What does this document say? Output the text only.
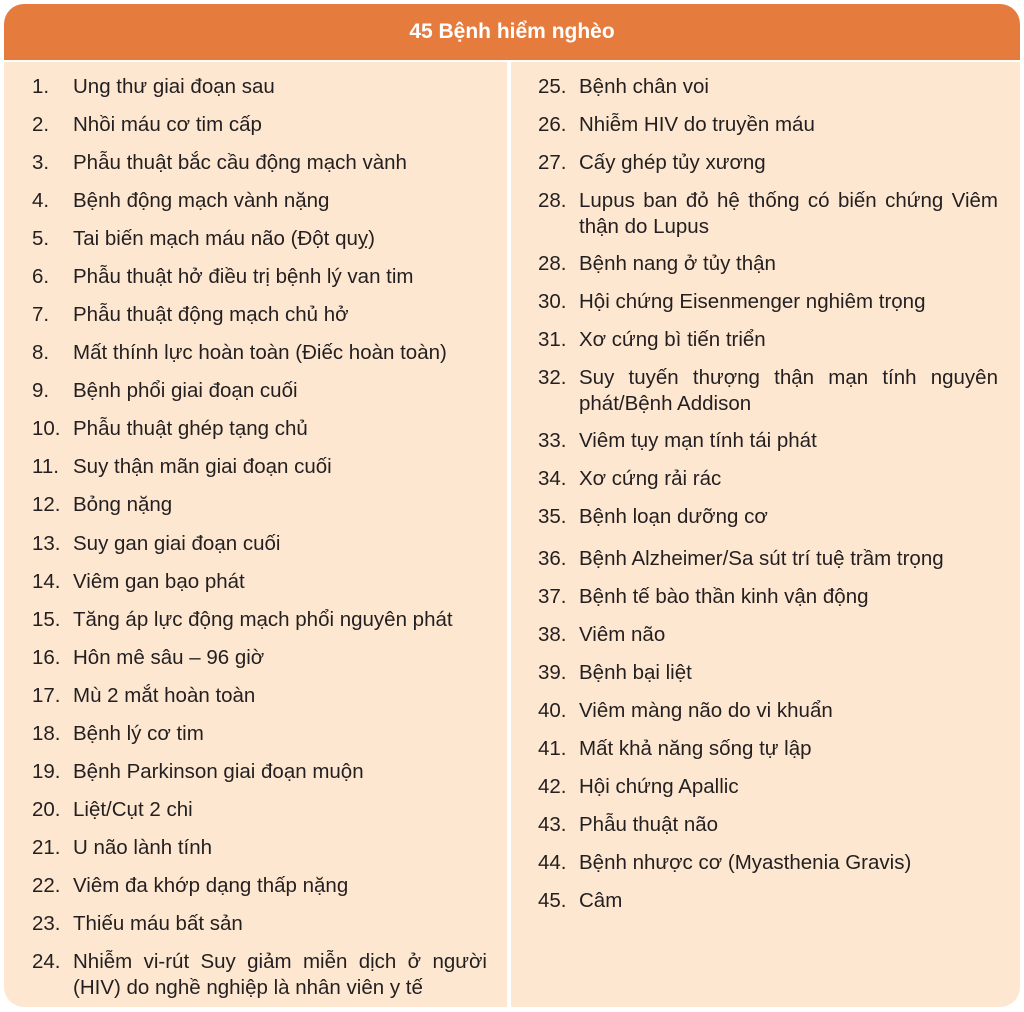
45 Bệnh hiểm nghèo
1.	Ung thư giai đoạn sau
2.	Nhồi máu cơ tim cấp
3.	Phẫu thuật bắc cầu động mạch vành
4.	Bệnh động mạch vành nặng
5.	Tai biến mạch máu não (Đột quỵ)
6.	Phẫu thuật hở điều trị bệnh lý van tim
7.	Phẫu thuật động mạch chủ hở
8.	Mất thính lực hoàn toàn (Điếc hoàn toàn)
9.	Bệnh phổi giai đoạn cuối
10. Phẫu thuật ghép tạng chủ
11. Suy thận mãn giai đoạn cuối
12. Bỏng nặng
13. Suy gan giai đoạn cuối
14. Viêm gan bạo phát
15. Tăng áp lực động mạch phổi nguyên phát
16. Hôn mê sâu – 96 giờ
17. Mù 2 mắt hoàn toàn
18. Bệnh lý cơ tim
19. Bệnh Parkinson giai đoạn muộn
20. Liệt/Cụt 2 chi
21. U não lành tính
22. Viêm đa khớp dạng thấp nặng
23. Thiếu máu bất sản
24. Nhiễm vi-rút Suy giảm miễn dịch ở người (HIV) do nghề nghiệp là nhân viên y tế
25. Bệnh chân voi
26. Nhiễm HIV do truyền máu
27. Cấy ghép tủy xương
28. Lupus ban đỏ hệ thống có biến chứng Viêm thận do Lupus
28. Bệnh nang ở tủy thận
30. Hội chứng Eisenmenger nghiêm trọng
31. Xơ cứng bì tiến triển
32. Suy tuyến thượng thận mạn tính nguyên phát/Bệnh Addison
33. Viêm tụy mạn tính tái phát
34. Xơ cứng rải rác
35. Bệnh loạn dưỡng cơ
36. Bệnh Alzheimer/Sa sút trí tuệ trầm trọng
37. Bệnh tế bào thần kinh vận động
38. Viêm não
39. Bệnh bại liệt
40. Viêm màng não do vi khuẩn
41. Mất khả năng sống tự lập
42. Hội chứng Apallic
43. Phẫu thuật não
44. Bệnh nhược cơ (Myasthenia Gravis)
45. Câm
